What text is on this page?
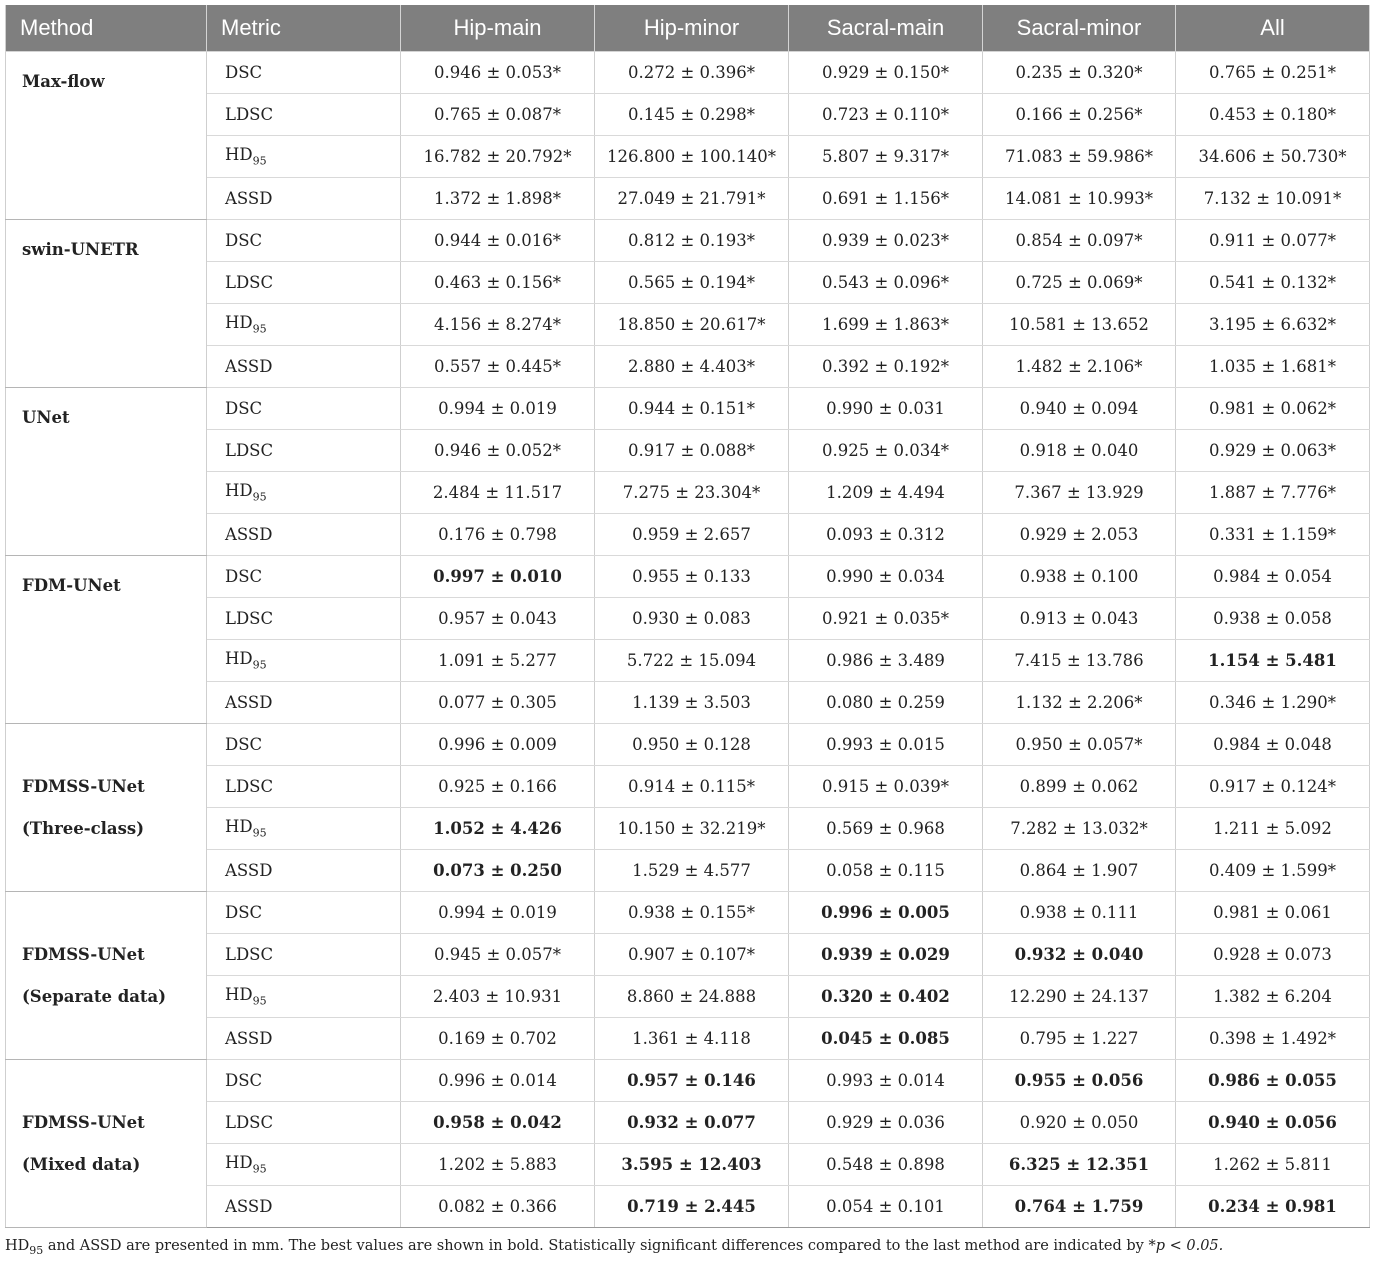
Method	Metric	Hip-main	Hip-minor	Sacral-main	Sacral-minor	All

Max-flow	DSC	0.946 ± 0.053*	0.272 ± 0.396*	0.929 ± 0.150*	0.235 ± 0.320*	0.765 ± 0.251*
	LDSC	0.765 ± 0.087*	0.145 ± 0.298*	0.723 ± 0.110*	0.166 ± 0.256*	0.453 ± 0.180*
	$HD_{95}$	16.782 ± 20.792*	126.800 ± 100.140*	5.807 ± 9.317*	71.083 ± 59.986*	34.606 ± 50.730*
	ASSD	1.372 ± 1.898*	27.049 ± 21.791*	0.691 ± 1.156*	14.081 ± 10.993*	7.132 ± 10.091*

swin-UNETR	DSC	0.944 ± 0.016*	0.812 ± 0.193*	0.939 ± 0.023*	0.854 ± 0.097*	0.911 ± 0.077*
	LDSC	0.463 ± 0.156*	0.565 ± 0.194*	0.543 ± 0.096*	0.725 ± 0.069*	0.541 ± 0.132*
	$HD_{95}$	4.156 ± 8.274*	18.850 ± 20.617*	1.699 ± 1.863*	10.581 ± 13.652	3.195 ± 6.632*
	ASSD	0.557 ± 0.445*	2.880 ± 4.403*	0.392 ± 0.192*	1.482 ± 2.106*	1.035 ± 1.681*

UNet	DSC	0.994 ± 0.019	0.944 ± 0.151*	0.990 ± 0.031	0.940 ± 0.094	0.981 ± 0.062*
	LDSC	0.946 ± 0.052*	0.917 ± 0.088*	0.925 ± 0.034*	0.918 ± 0.040	0.929 ± 0.063*
	$HD_{95}$	2.484 ± 11.517	7.275 ± 23.304*	1.209 ± 4.494	7.367 ± 13.929	1.887 ± 7.776*
	ASSD	0.176 ± 0.798	0.959 ± 2.657	0.093 ± 0.312	0.929 ± 2.053	0.331 ± 1.159*

FDM-UNet	DSC	0.997 ± 0.010	0.955 ± 0.133	0.990 ± 0.034	0.938 ± 0.100	0.984 ± 0.054
	LDSC	0.957 ± 0.043	0.930 ± 0.083	0.921 ± 0.035*	0.913 ± 0.043	0.938 ± 0.058
	$HD_{95}$	1.091 ± 5.277	5.722 ± 15.094	0.986 ± 3.489	7.415 ± 13.786	1.154 ± 5.481
	ASSD	0.077 ± 0.305	1.139 ± 3.503	0.080 ± 0.259	1.132 ± 2.206*	0.346 ± 1.290*

FDMSS-UNet
(Three-class)	DSC	0.996 ± 0.009	0.950 ± 0.128	0.993 ± 0.015	0.950 ± 0.057*	0.984 ± 0.048
	LDSC	0.925 ± 0.166	0.914 ± 0.115*	0.915 ± 0.039*	0.899 ± 0.062	0.917 ± 0.124*
	$HD_{95}$	1.052 ± 4.426	10.150 ± 32.219*	0.569 ± 0.968	7.282 ± 13.032*	1.211 ± 5.092
	ASSD	0.073 ± 0.250	1.529 ± 4.577	0.058 ± 0.115	0.864 ± 1.907	0.409 ± 1.599*

FDMSS-UNet
(Separate data)	DSC	0.994 ± 0.019	0.938 ± 0.155*	0.996 ± 0.005	0.938 ± 0.111	0.981 ± 0.061
	LDSC	0.945 ± 0.057*	0.907 ± 0.107*	0.939 ± 0.029	0.932 ± 0.040	0.928 ± 0.073
	$HD_{95}$	2.403 ± 10.931	8.860 ± 24.888	0.320 ± 0.402	12.290 ± 24.137	1.382 ± 6.204
	ASSD	0.169 ± 0.702	1.361 ± 4.118	0.045 ± 0.085	0.795 ± 1.227	0.398 ± 1.492*

FDMSS-UNet
(Mixed data)	DSC	0.996 ± 0.014	0.957 ± 0.146	0.993 ± 0.014	0.955 ± 0.056	0.986 ± 0.055
	LDSC	0.958 ± 0.042	0.932 ± 0.077	0.929 ± 0.036	0.920 ± 0.050	0.940 ± 0.056
	$HD_{95}$	1.202 ± 5.883	3.595 ± 12.403	0.548 ± 0.898	6.325 ± 12.351	1.262 ± 5.811
	ASSD	0.082 ± 0.366	0.719 ± 2.445	0.054 ± 0.101	0.764 ± 1.759	0.234 ± 0.981
$HD_{95}$ and ASSD are presented in mm. The best values are shown in bold. Statistically significant differences compared to the last method are indicated by *p < 0.05.
